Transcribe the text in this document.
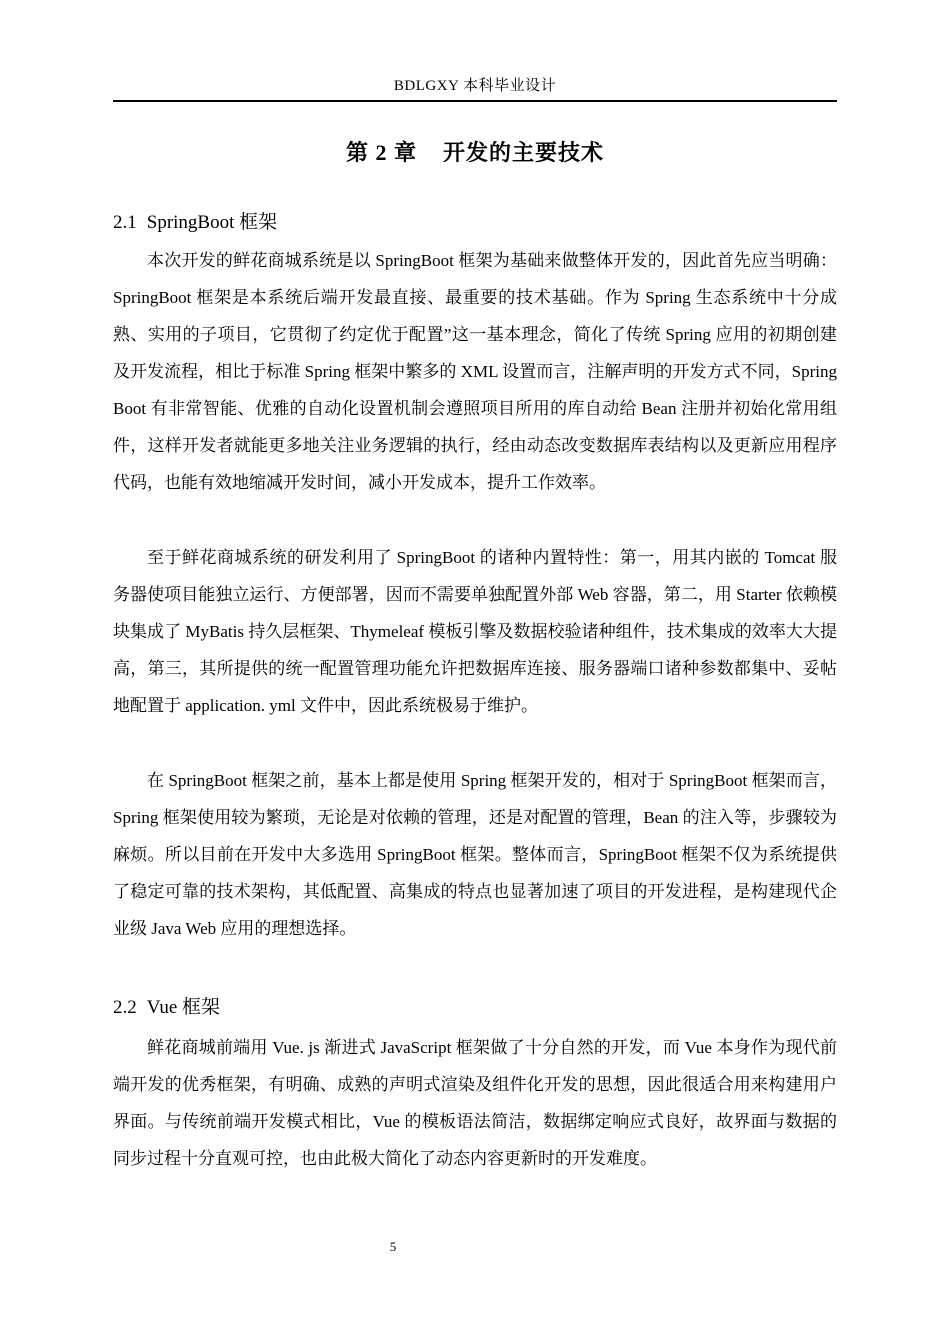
BDLGXY 本科毕业设计
第 2 章 开发的主要技术
2.1 SpringBoot 框架

本次开发的鲜花商城系统是以 SpringBoot 框架为基础来做整体开发的，因此首先应当明确：SpringBoot 框架是本系统后端开发最直接、最重要的技术基础。作为 Spring 生态系统中十分成熟、实用的子项目，它贯彻了约定优于配置”这一基本理念，简化了传统 Spring 应用的初期创建及开发流程，相比于标准 Spring 框架中繁多的 XML 设置而言，注解声明的开发方式不同，SpringBoot 有非常智能、优雅的自动化设置机制会遵照项目所用的库自动给 Bean 注册并初始化常用组件，这样开发者就能更多地关注业务逻辑的执行，经由动态改变数据库表结构以及更新应用程序代码，也能有效地缩减开发时间，减小开发成本，提升工作效率。

至于鲜花商城系统的研发利用了 SpringBoot 的诸种内置特性：第一，用其内嵌的 Tomcat 服务器使项目能独立运行、方便部署，因而不需要单独配置外部 Web 容器，第二，用 Starter 依赖模块集成了 MyBatis 持久层框架、Thymeleaf 模板引擎及数据校验诸种组件，技术集成的效率大大提高，第三，其所提供的统一配置管理功能允许把数据库连接、服务器端口诸种参数都集中、妥帖地配置于 application. yml 文件中，因此系统极易于维护。

在 SpringBoot 框架之前，基本上都是使用 Spring 框架开发的，相对于 SpringBoot 框架而言，Spring 框架使用较为繁琐，无论是对依赖的管理，还是对配置的管理，Bean 的注入等，步骤较为麻烦。所以目前在开发中大多选用 SpringBoot 框架。整体而言，SpringBoot 框架不仅为系统提供了稳定可靠的技术架构，其低配置、高集成的特点也显著加速了项目的开发进程，是构建现代企业级 Java Web 应用的理想选择。

2.2 Vue 框架

鲜花商城前端用 Vue. js 渐进式 JavaScript 框架做了十分自然的开发，而 Vue 本身作为现代前端开发的优秀框架，有明确、成熟的声明式渲染及组件化开发的思想，因此很适合用来构建用户界面。与传统前端开发模式相比，Vue 的模板语法简洁，数据绑定响应式良好，故界面与数据的同步过程十分直观可控，也由此极大简化了动态内容更新时的开发难度。

5
